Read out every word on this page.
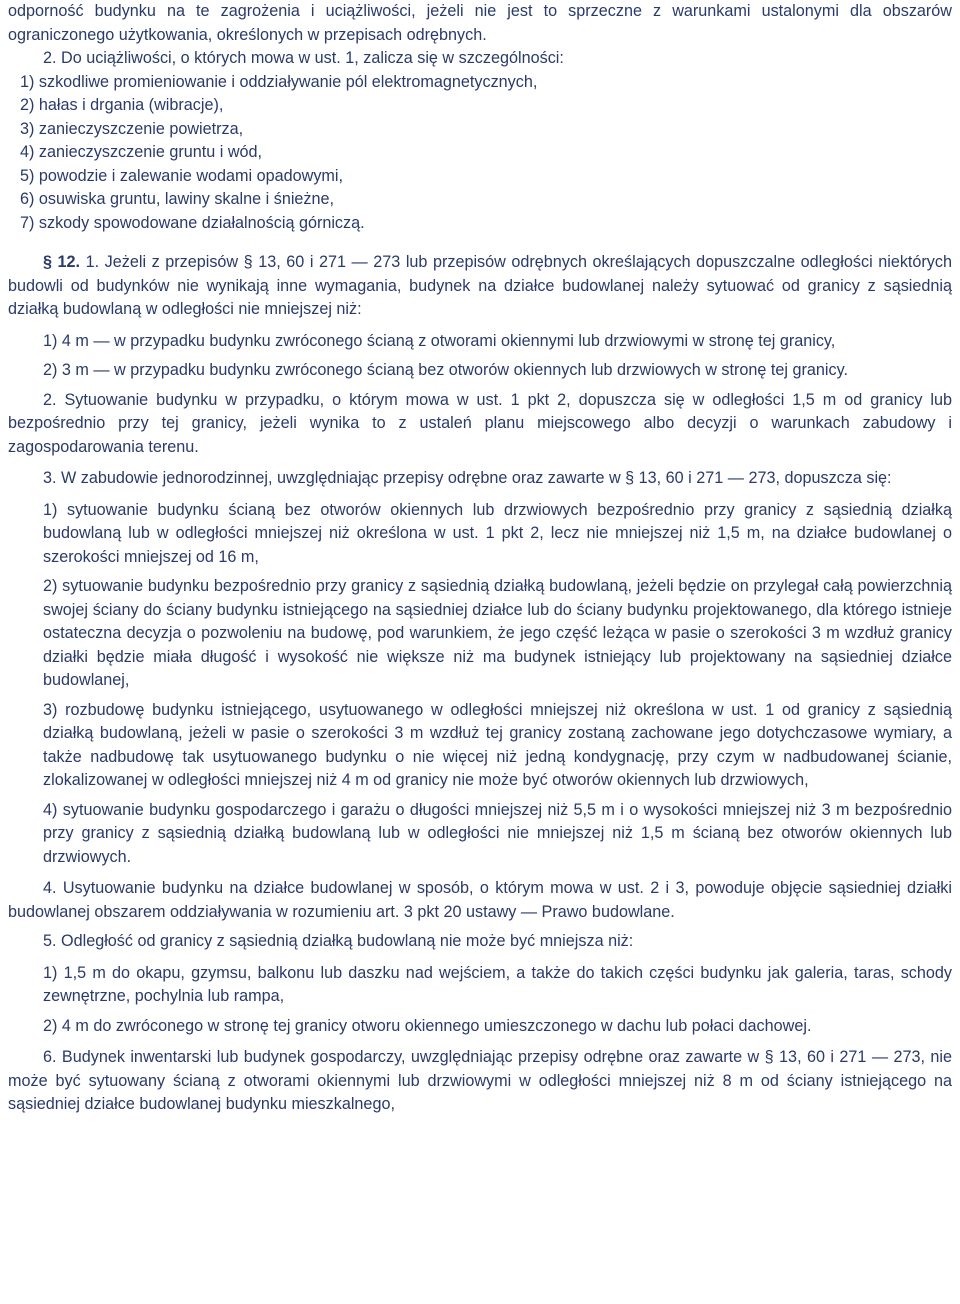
odporność budynku na te zagrożenia i uciążliwości, jeżeli nie jest to sprzeczne z warunkami ustalonymi dla obszarów ograniczonego użytkowania, określonych w przepisach odrębnych.

2. Do uciążliwości, o których mowa w ust. 1, zalicza się w szczególności:

1) szkodliwe promieniowanie i oddziaływanie pól elektromagnetycznych,

2) hałas i drgania (wibracje),

3) zanieczyszczenie powietrza,

4) zanieczyszczenie gruntu i wód,

5) powodzie i zalewanie wodami opadowymi,

6) osuwiska gruntu, lawiny skalne i śnieżne,

7) szkody spowodowane działalnością górniczą.

§ 12. 1. Jeżeli z przepisów § 13, 60 i 271 — 273 lub przepisów odrębnych określających dopuszczalne odległości niektórych budowli od budynków nie wynikają inne wymagania, budynek na działce budowlanej należy sytuować od granicy z sąsiednią działką budowlaną w odległości nie mniejszej niż:

1) 4 m — w przypadku budynku zwróconego ścianą z otworami okiennymi lub drzwiowymi w stronę tej granicy,

2) 3 m — w przypadku budynku zwróconego ścianą bez otworów okiennych lub drzwiowych w stronę tej granicy.

2. Sytuowanie budynku w przypadku, o którym mowa w ust. 1 pkt 2, dopuszcza się w odległości 1,5 m od granicy lub bezpośrednio przy tej granicy, jeżeli wynika to z ustaleń planu miejscowego albo decyzji o warunkach zabudowy i zagospodarowania terenu.

3. W zabudowie jednorodzinnej, uwzględniając przepisy odrębne oraz zawarte w § 13, 60 i 271 — 273, dopuszcza się:

1) sytuowanie budynku ścianą bez otworów okiennych lub drzwiowych bezpośrednio przy granicy z sąsiednią działką budowlaną lub w odległości mniejszej niż określona w ust. 1 pkt 2, lecz nie mniejszej niż 1,5 m, na działce budowlanej o szerokości mniejszej od 16 m,

2) sytuowanie budynku bezpośrednio przy granicy z sąsiednią działką budowlaną, jeżeli będzie on przylegał całą powierzchnią swojej ściany do ściany budynku istniejącego na sąsiedniej działce lub do ściany budynku projektowanego, dla którego istnieje ostateczna decyzja o pozwoleniu na budowę, pod warunkiem, że jego część leżąca w pasie o szerokości 3 m wzdłuż granicy działki będzie miała długość i wysokość nie większe niż ma budynek istniejący lub projektowany na sąsiedniej działce budowlanej,

3) rozbudowę budynku istniejącego, usytuowanego w odległości mniejszej niż określona w ust. 1 od granicy z sąsiednią działką budowlaną, jeżeli w pasie o szerokości 3 m wzdłuż tej granicy zostaną zachowane jego dotychczasowe wymiary, a także nadbudowę tak usytuowanego budynku o nie więcej niż jedną kondygnację, przy czym w nadbudowanej ścianie, zlokalizowanej w odległości mniejszej niż 4 m od granicy nie może być otworów okiennych lub drzwiowych,

4) sytuowanie budynku gospodarczego i garażu o długości mniejszej niż 5,5 m i o wysokości mniejszej niż 3 m bezpośrednio przy granicy z sąsiednią działką budowlaną lub w odległości nie mniejszej niż 1,5 m ścianą bez otworów okiennych lub drzwiowych.

4. Usytuowanie budynku na działce budowlanej w sposób, o którym mowa w ust. 2 i 3, powoduje objęcie sąsiedniej działki budowlanej obszarem oddziaływania w rozumieniu art. 3 pkt 20 ustawy — Prawo budowlane.

5. Odległość od granicy z sąsiednią działką budowlaną nie może być mniejsza niż:

1) 1,5 m do okapu, gzymsu, balkonu lub daszku nad wejściem, a także do takich części budynku jak galeria, taras, schody zewnętrzne, pochylnia lub rampa,

2) 4 m do zwróconego w stronę tej granicy otworu okiennego umieszczonego w dachu lub połaci dachowej.

6. Budynek inwentarski lub budynek gospodarczy, uwzględniając przepisy odrębne oraz zawarte w § 13, 60 i 271 — 273, nie może być sytuowany ścianą z otworami okiennymi lub drzwiowymi w odległości mniejszej niż 8 m od ściany istniejącego na sąsiedniej działce budowlanej budynku mieszkalnego,
